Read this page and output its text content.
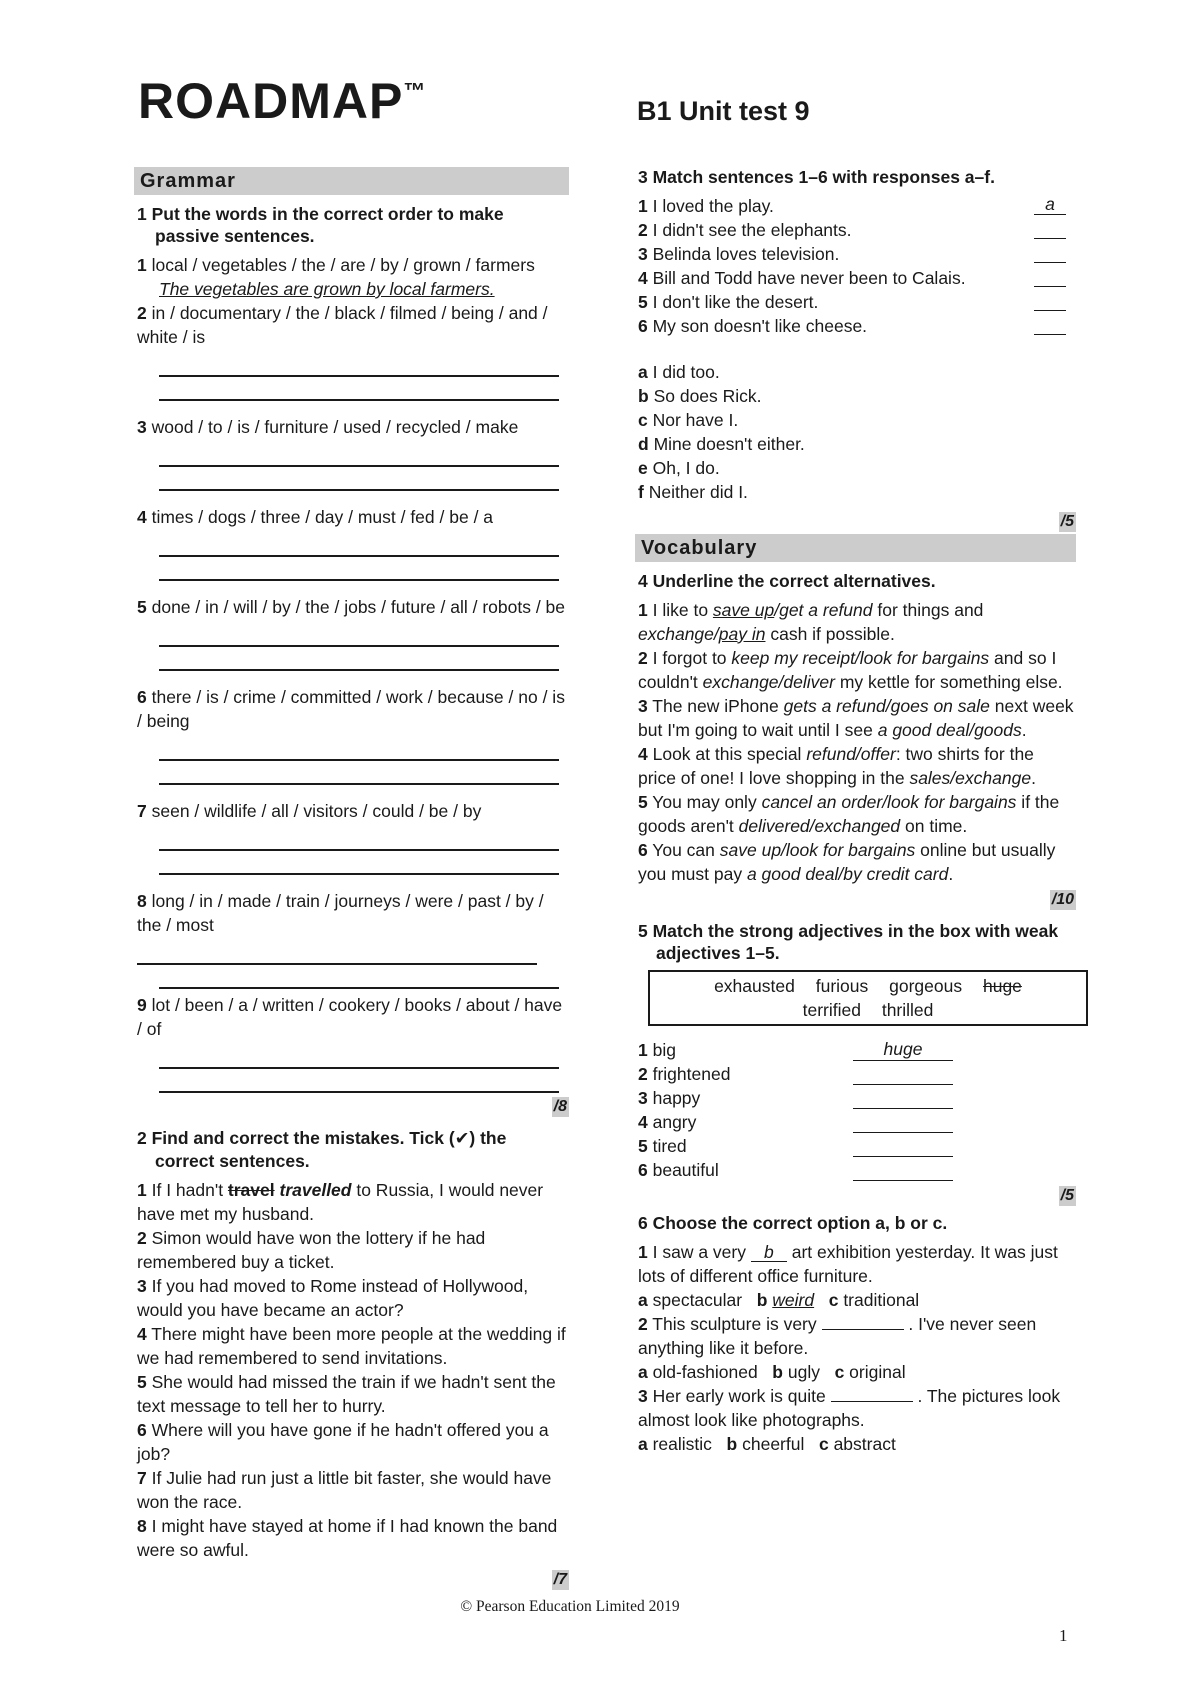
ROADMAP™
B1 Unit test 9
Grammar
1 Put the words in the correct order to make passive sentences.
1 local / vegetables / the / are / by / grown / farmers
The vegetables are grown by local farmers.
2 in / documentary / the / black / filmed / being / and / white / is
3 wood / to / is / furniture / used / recycled / make
4 times / dogs / three / day / must / fed / be / a
5 done / in / will / by / the / jobs / future / all / robots / be
6 there / is / crime / committed / work / because / no / is / being
7 seen / wildlife / all / visitors / could / be / by
8 long / in / made / train / journeys / were / past / by / the / most
9 lot / been / a / written / cookery / books / about / have / of
/8
2 Find and correct the mistakes. Tick (✔) the correct sentences.
1 If I hadn't travel travelled to Russia, I would never have met my husband.
2 Simon would have won the lottery if he had remembered buy a ticket.
3 If you had moved to Rome instead of Hollywood, would you have became an actor?
4 There might have been more people at the wedding if we had remembered to send invitations.
5 She would had missed the train if we hadn't sent the text message to tell her to hurry.
6 Where will you have gone if he hadn't offered you a job?
7 If Julie had run just a little bit faster, she would have won the race.
8 I might have stayed at home if I had known the band were so awful.
/7
3 Match sentences 1–6 with responses a–f.
1 I loved the play.	a
2 I didn't see the elephants.
3 Belinda loves television.
4 Bill and Todd have never been to Calais.
5 I don't like the desert.
6 My son doesn't like cheese.
a I did too.
b So does Rick.
c Nor have I.
d Mine doesn't either.
e Oh, I do.
f Neither did I.
/5
Vocabulary
4 Underline the correct alternatives.
1 I like to save up/get a refund for things and exchange/pay in cash if possible.
2 I forgot to keep my receipt/look for bargains and so I couldn't exchange/deliver my kettle for something else.
3 The new iPhone gets a refund/goes on sale next week but I'm going to wait until I see a good deal/goods.
4 Look at this special refund/offer: two shirts for the price of one! I love shopping in the sales/exchange.
5 You may only cancel an order/look for bargains if the goods aren't delivered/exchanged on time.
6 You can save up/look for bargains online but usually you must pay a good deal/by credit card.
/10
5 Match the strong adjectives in the box with weak adjectives 1–5.
exhausted furious gorgeous huge
terrified thrilled
1 big	huge
2 frightened
3 happy
4 angry
5 tired
6 beautiful
/5
6 Choose the correct option a, b or c.
1 I saw a very b art exhibition yesterday. It was just lots of different office furniture.
a spectacular b weird c traditional
2 This sculpture is very	. I've never seen anything like it before.
a old-fashioned b ugly c original
3 Her early work is quite	. The pictures look almost look like photographs.
a realistic b cheerful c abstract
© Pearson Education Limited 2019
1
